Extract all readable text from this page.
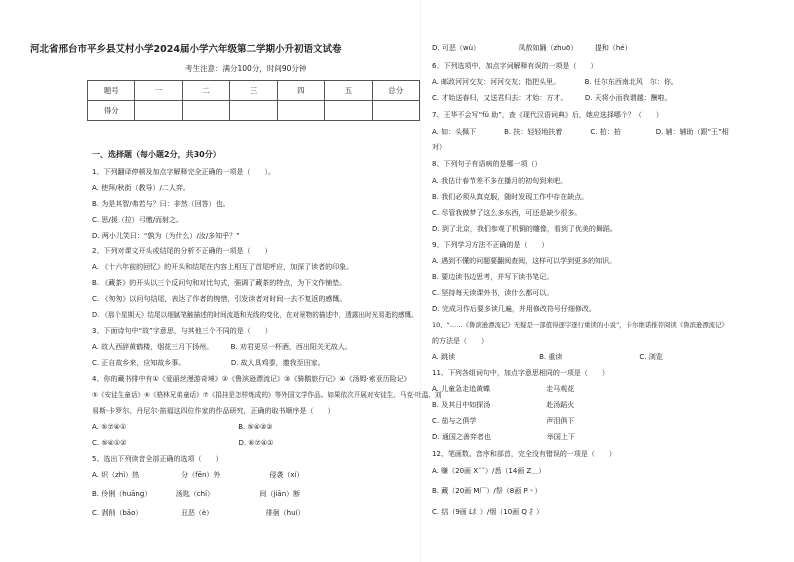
河北省邢台市平乡县艾村小学2024届小学六年级第二学期小升初语文试卷
考生注意：满分100分，时间90分钟
题号	一	二	三	四	五	总分
得分						
一、选择题（每小题2分，共30分）
1、下列翻译停顿及加点字解释完全正确的一项是（　　）。
A. 使拜/秋街（教导）/二人弈。
B. 为是其智/弗若与？曰：非然（回答）也。
C. 思/援（拉）弓缴/而射之。
D. 两小儿笑曰：“孰为（为什么）/汝/多知乎？”
2、下列对课文开头或结尾的分析不正确的一项是（　　）
A. 《十六年前的回忆》的开头和结尾在内容上相互了首尾呼应，加深了读者的印象。
B. 《藏茶》的开头以三个反问句和对比句式，强调了藏茶的特点，为下文作铺垫。
C. 《匆匆》以问句结尾，表达了作者的惋惜，引发读者对时间一去不复返的感慨。
D. 《那个星期天》结尾以细腻笔触描述的时间流逝和光线的变化，在对景物的描述中，透露出时光易逝的感慨。
3、下面诗句中“故”字意思，与其他三个不同的是（　　）
A. 故人西辞黄鹤楼，烟花三月下扬州。　　　B. 劝君更尽一杯酒，西出阳关无故人。
C. 正自故乡来，应知故乡事。　　　　　　　D. 故人具鸡黍，邀我至田家。
4、你的藏书排中有①《爱丽丝漫游奇境》②《鲁滨逊漂流记》③《骑鹅旅行记》④《汤姆·索亚历险记》
⑤《安徒生童话》⑥《格林兄弟童话》⑦《捐挂是怎样炼成的》等外国文学作品。如果依次开展对安徒生、马克·吐温、刘
易斯·卡罗尔、丹尼尔·笛福这四位作家的作品研究，正确的取书顺序是（　　）
A. ⑤⑦④①　　　　　　　　　　　　　　　　B. ⑤④③②
C. ⑤④①②　　　　　　　　　　　　　　　　D. ⑥⑦④①
5、选出下列读音全部正确的选项（　　）
A. 炽（zhì）热　　　　　　分（fēn）外　　　　　　　侵袭（xí）
B. 伶俐（huāng）　　　　汤匙（chí）　　　　　　　间（jiān）断
C. 剥削（bāo）　　　　　　丑恶（è）　　　　　　　　徘徊（huí）
D. 可恶（wù）　　　　　　凤敖如踊（zhuō）　　　提和（hé）
6、下列选项中，加点字词解释有误的一项是（　　）
A. 邮政河河交友：河河交友；指把头里。　　　　B. 任尔东西南北风　尔：你。
C. 才始送春归，又送君归去：才始：方才。　　　D. 天将小而我谓越：酬啦。
7、王华不会写“fǔ 助”，查《现代汉语词典》后，她应选择哪个？（　　）
A. 如：头佩下　　　　B. 扶：轻轻地扶着　　　　C. 拍：拍　　　　　D. 辅：辅助（跟“王”相
对）
8、下列句子有语病的是哪一项（）
A. 我估计春节差不多在播月的初旬到来吧。
B. 我们必须从真克服，随时发现工作中存在缺点。
C. 尽管我做梦了这么多东西，可还是缺少很多。
D. 到了北京，我们参观了机铜的雕像，看到了优美的舞蹈。
9、下列学习方法不正确的是（　　）
A. 遇到不懂的问题要翻阅查阅，这样可以学到更多的知识。
B. 要边读书边思考，并写下读书笔记。
C. 坚持每天读课外书，读什么都可以。
D. 完成习作后要多读几遍，并用修改符号仔细修改。
10、“……《鲁滨逊漂流记》无疑是一部值得逐字逐行重读的小说”，卡尔维诺推荐阅读《鲁滨逊漂流记》
的方法是（　　）
A. 跳读　　　　　　　　　　　　B. 重读　　　　　　　　　　　C. 浏览
11、下列各组词句中，加点字意思相同的一项是（　　）
A. 儿童急走追黄蝶　　　　　　　　走马观花
B. 及其日中如探汤　　　　　　　　赴汤蹈火
C. 茄与之俱学　　　　　　　　　　声泪俱下
D. 通国之善弈者也　　　　　　　　举国上下
12、笔画数、音序和部首，完全没有错误的一项是（　　）
A. 赚（20画 X˘˘）/悉（14画 Z＿）
B. 藏（20画 M厂）/祭（8画 P丶）
C. 结（9画 L纟）/烟（10画 Q 扌）
